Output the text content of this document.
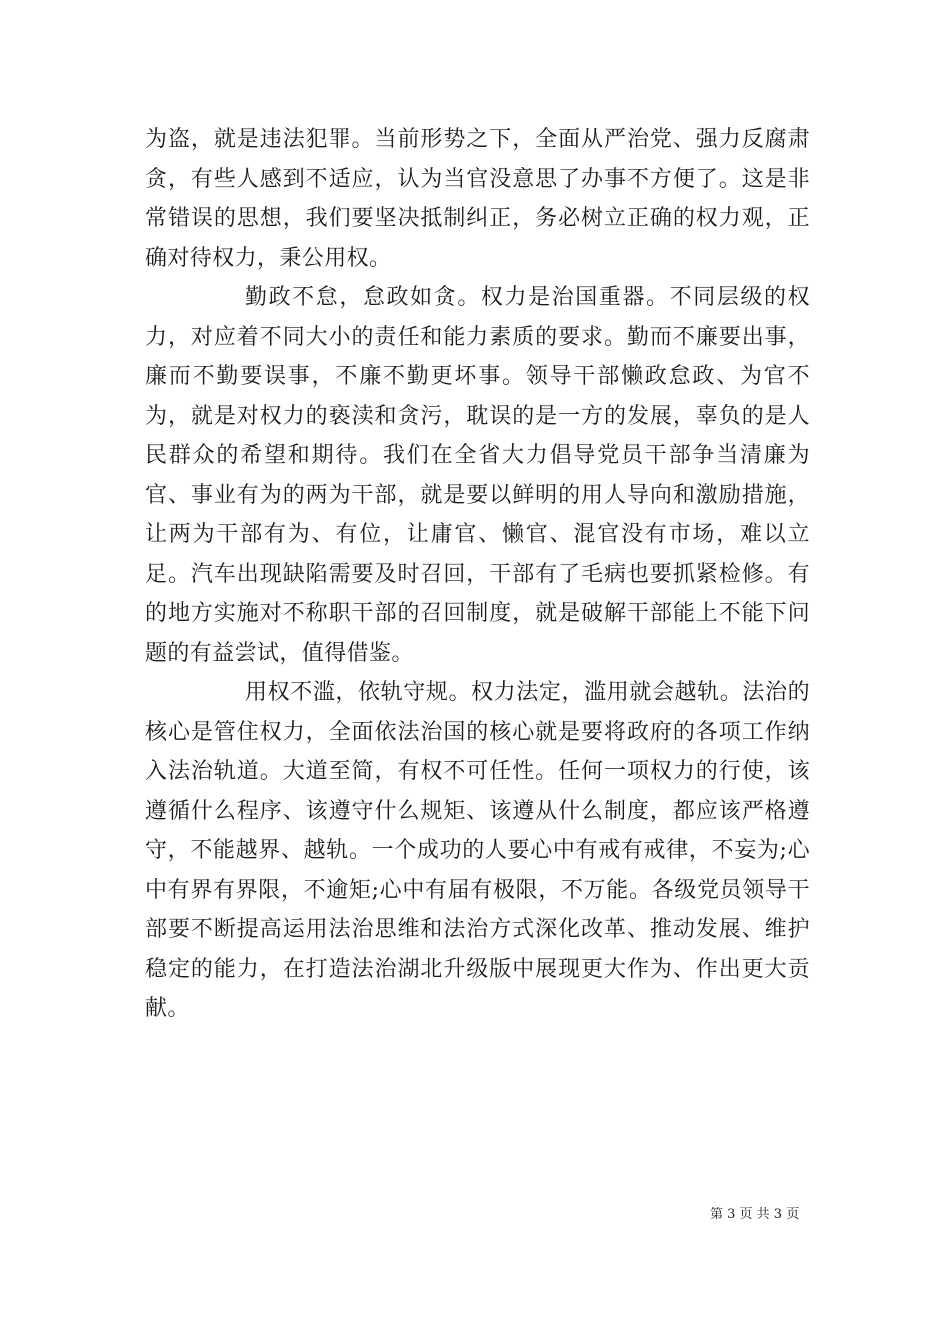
为盗，就是违法犯罪。当前形势之下，全面从严治党、强力反腐肃贪，有些人感到不适应，认为当官没意思了办事不方便了。这是非常错误的思想，我们要坚决抵制纠正，务必树立正确的权力观，正确对待权力，秉公用权。

勤政不怠，怠政如贪。权力是治国重器。不同层级的权力，对应着不同大小的责任和能力素质的要求。勤而不廉要出事，廉而不勤要误事，不廉不勤更坏事。领导干部懒政怠政、为官不为，就是对权力的亵渎和贪污，耽误的是一方的发展，辜负的是人民群众的希望和期待。我们在全省大力倡导党员干部争当清廉为官、事业有为的两为干部，就是要以鲜明的用人导向和激励措施，让两为干部有为、有位，让庸官、懒官、混官没有市场，难以立足。汽车出现缺陷需要及时召回，干部有了毛病也要抓紧检修。有的地方实施对不称职干部的召回制度，就是破解干部能上不能下问题的有益尝试，值得借鉴。

用权不滥，依轨守规。权力法定，滥用就会越轨。法治的核心是管住权力，全面依法治国的核心就是要将政府的各项工作纳入法治轨道。大道至简，有权不可任性。任何一项权力的行使，该遵循什么程序、该遵守什么规矩、该遵从什么制度，都应该严格遵守，不能越界、越轨。一个成功的人要心中有戒有戒律，不妄为;心中有界有界限，不逾矩;心中有届有极限，不万能。各级党员领导干部要不断提高运用法治思维和法治方式深化改革、推动发展、维护稳定的能力，在打造法治湖北升级版中展现更大作为、作出更大贡献。

第 3 页 共 3 页
